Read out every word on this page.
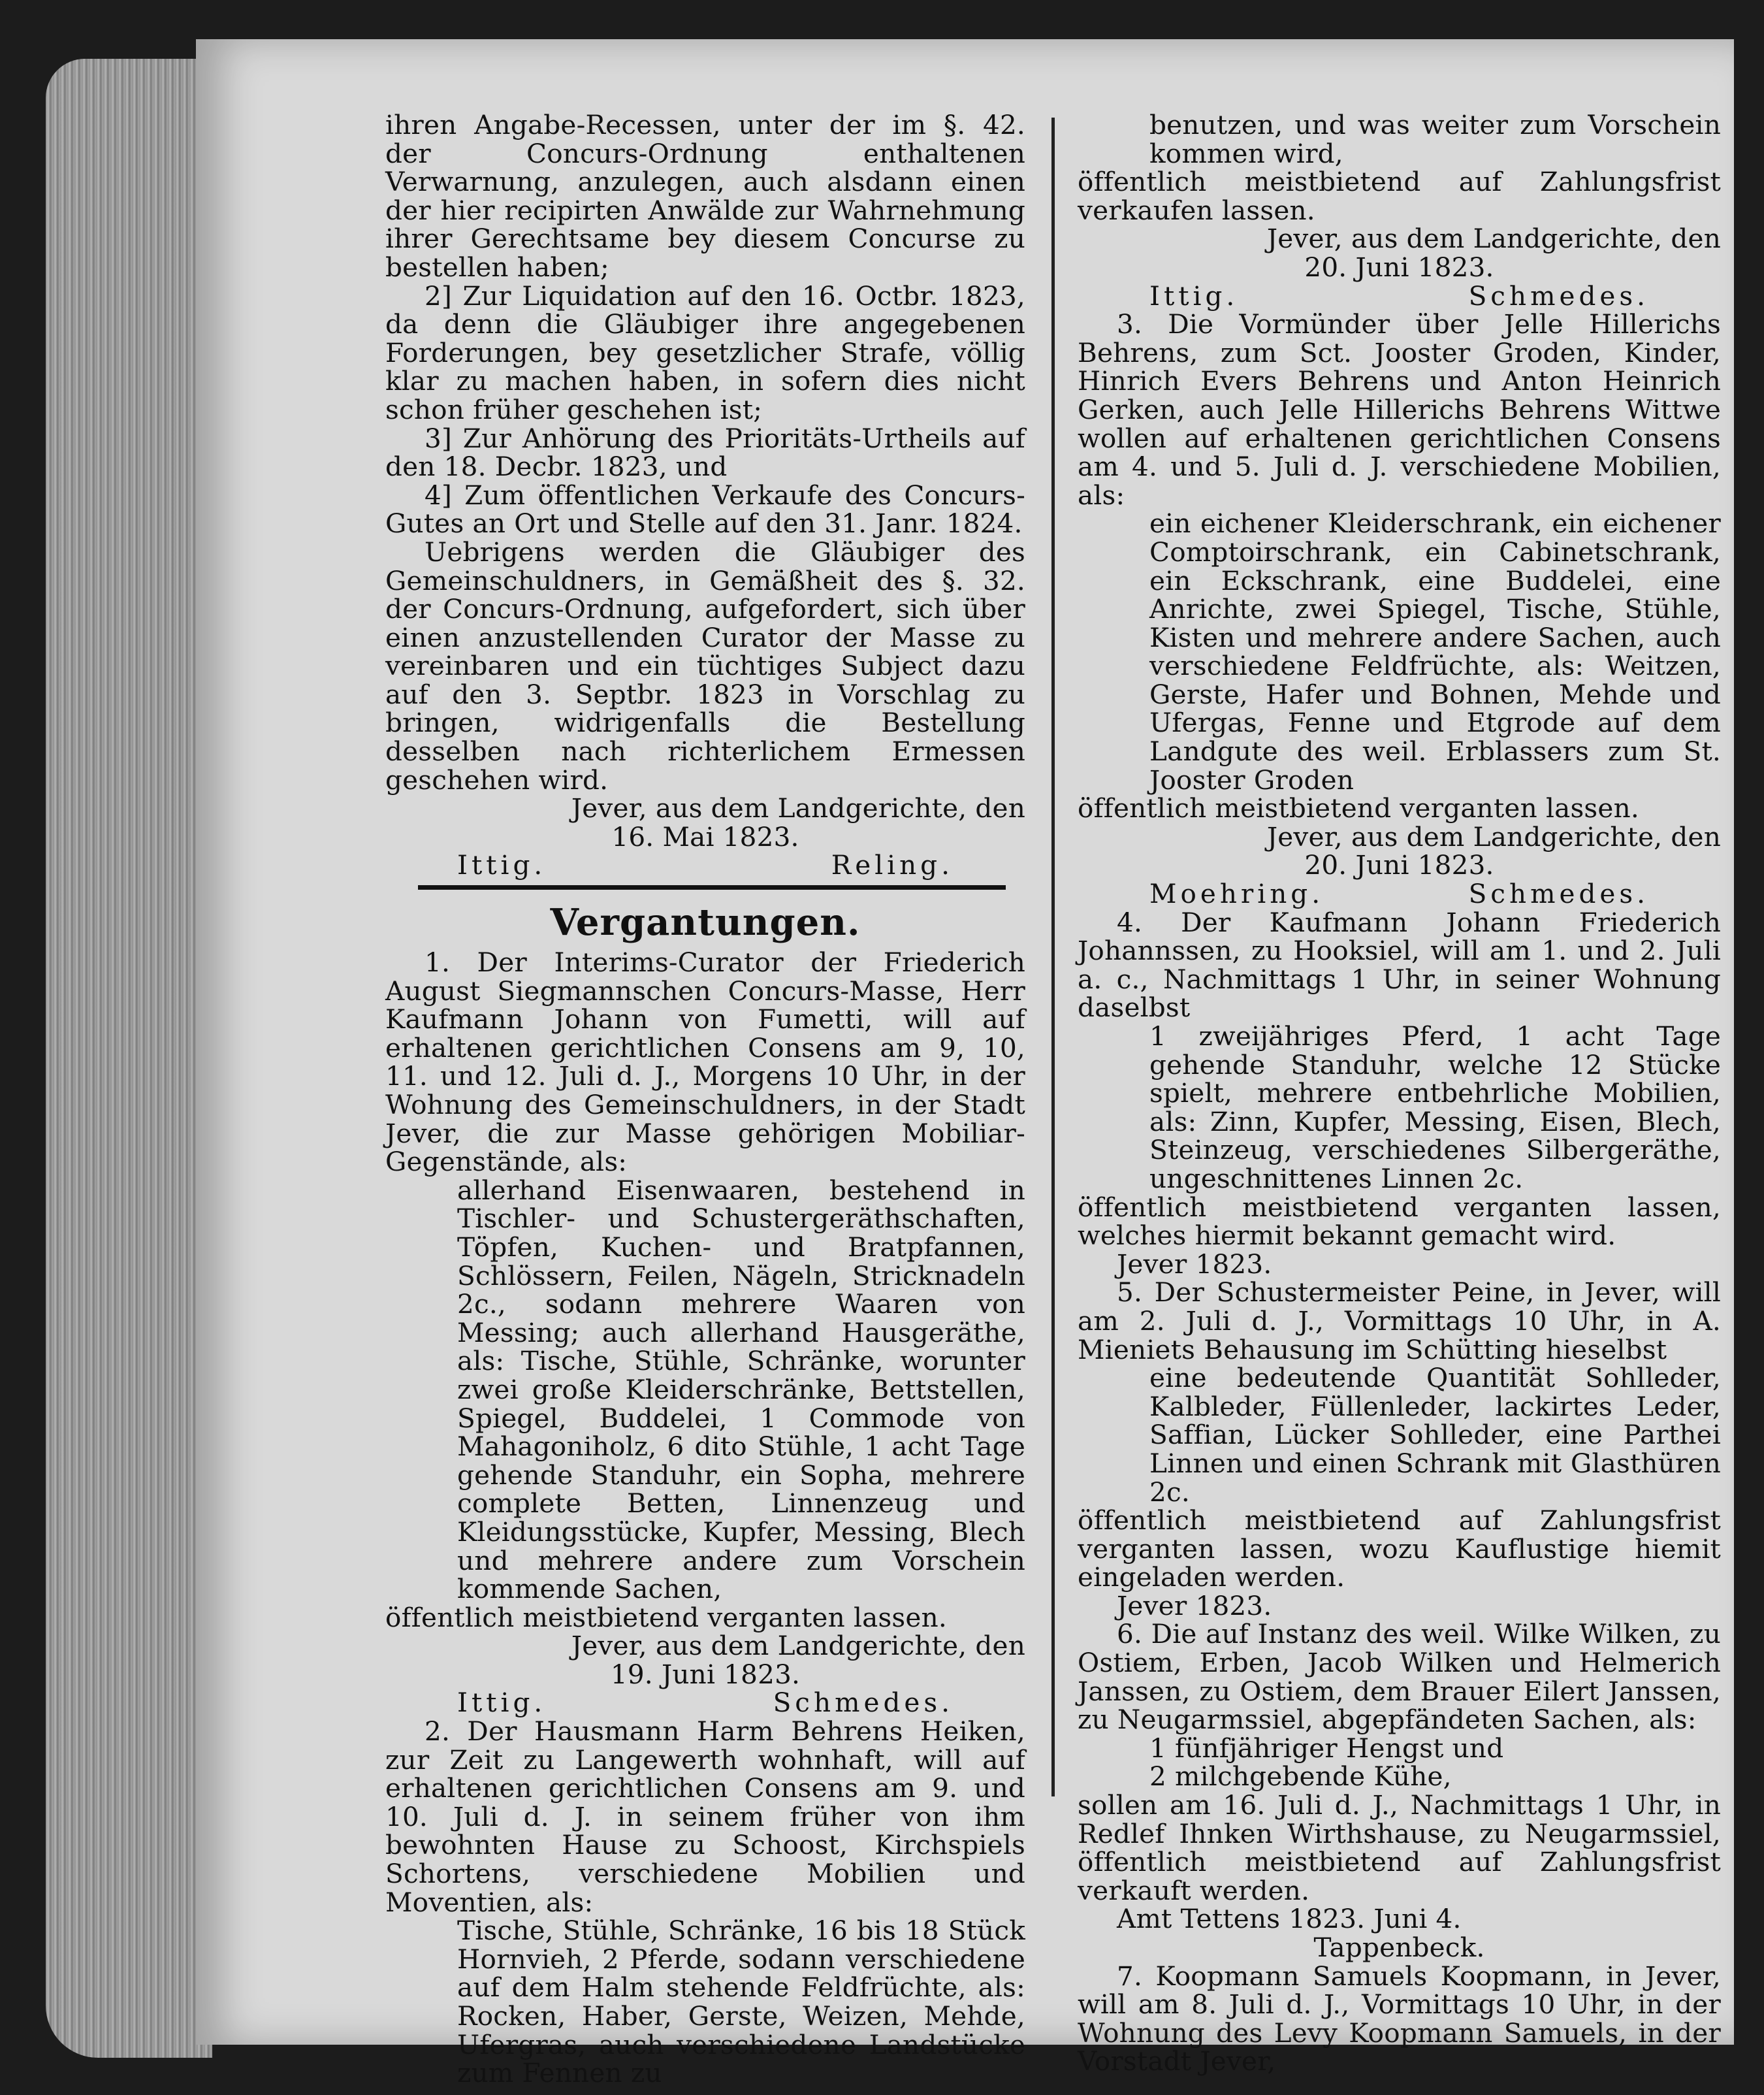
ihren Angabe-Recessen, unter der im §. 42. der Concurs-Ordnung enthaltenen Verwarnung, anzulegen, auch alsdann einen der hier recipirten Anwälde zur Wahrnehmung ihrer Gerechtsame bey diesem Concurse zu bestellen haben;

2] Zur Liquidation auf den 16. Octbr. 1823, da denn die Gläubiger ihre angegebenen Forderungen, bey gesetzlicher Strafe, völlig klar zu machen haben, in sofern dies nicht schon früher geschehen ist;

3] Zur Anhörung des Prioritäts-Urtheils auf den 18. Decbr. 1823, und

4] Zum öffentlichen Verkaufe des Concurs-Gutes an Ort und Stelle auf den 31. Janr. 1824.

Uebrigens werden die Gläubiger des Gemeinschuldners, in Gemäßheit des §. 32. der Concurs-Ordnung, aufgefordert, sich über einen anzustellenden Curator der Masse zu vereinbaren und ein tüchtiges Subject dazu auf den 3. Septbr. 1823 in Vorschlag zu bringen, widrigenfalls die Bestellung desselben nach richterlichem Ermessen geschehen wird.

Jever, aus dem Landgerichte, den

16. Mai 1823.

Ittig.	Reling.

Vergantungen.

1. Der Interims-Curator der Friederich August Siegmannschen Concurs-Masse, Herr Kaufmann Johann von Fumetti, will auf erhaltenen gerichtlichen Consens am 9, 10, 11. und 12. Juli d. J., Morgens 10 Uhr, in der Wohnung des Gemeinschuldners, in der Stadt Jever, die zur Masse gehörigen Mobiliar-Gegenstände, als:

allerhand Eisenwaaren, bestehend in Tischler- und Schustergeräthschaften, Töpfen, Kuchen- und Bratpfannen, Schlössern, Feilen, Nägeln, Stricknadeln 2c., sodann mehrere Waaren von Messing; auch allerhand Hausgeräthe, als: Tische, Stühle, Schränke, worunter zwei große Kleiderschränke, Bettstellen, Spiegel, Buddelei, 1 Commode von Mahagoniholz, 6 dito Stühle, 1 acht Tage gehende Standuhr, ein Sopha, mehrere complete Betten, Linnenzeug und Kleidungsstücke, Kupfer, Messing, Blech und mehrere andere zum Vorschein kommende Sachen,

öffentlich meistbietend verganten lassen.

Jever, aus dem Landgerichte, den

19. Juni 1823.

Ittig.	Schmedes.

2. Der Hausmann Harm Behrens Heiken, zur Zeit zu Langewerth wohnhaft, will auf erhaltenen gerichtlichen Consens am 9. und 10. Juli d. J. in seinem früher von ihm bewohnten Hause zu Schoost, Kirchspiels Schortens, verschiedene Mobilien und Moventien, als:

Tische, Stühle, Schränke, 16 bis 18 Stück Hornvieh, 2 Pferde, sodann verschiedene auf dem Halm stehende Feldfrüchte, als: Rocken, Haber, Gerste, Weizen, Mehde, Ufergras, auch verschiedene Landstücke zum Fennen zu

benutzen, und was weiter zum Vorschein kommen wird,

öffentlich meistbietend auf Zahlungsfrist verkaufen lassen.

Jever, aus dem Landgerichte, den

20. Juni 1823.

Ittig.	Schmedes.

3. Die Vormünder über Jelle Hillerichs Behrens, zum Sct. Jooster Groden, Kinder, Hinrich Evers Behrens und Anton Heinrich Gerken, auch Jelle Hillerichs Behrens Wittwe wollen auf erhaltenen gerichtlichen Consens am 4. und 5. Juli d. J. verschiedene Mobilien, als:

ein eichener Kleiderschrank, ein eichener Comptoirschrank, ein Cabinetschrank, ein Eckschrank, eine Buddelei, eine Anrichte, zwei Spiegel, Tische, Stühle, Kisten und mehrere andere Sachen, auch verschiedene Feldfrüchte, als: Weitzen, Gerste, Hafer und Bohnen, Mehde und Ufergas, Fenne und Etgrode auf dem Landgute des weil. Erblassers zum St. Jooster Groden

öffentlich meistbietend verganten lassen.

Jever, aus dem Landgerichte, den

20. Juni 1823.

Moehring.	Schmedes.

4. Der Kaufmann Johann Friederich Johannssen, zu Hooksiel, will am 1. und 2. Juli a. c., Nachmittags 1 Uhr, in seiner Wohnung daselbst

1 zweijähriges Pferd, 1 acht Tage gehende Standuhr, welche 12 Stücke spielt, mehrere entbehrliche Mobilien, als: Zinn, Kupfer, Messing, Eisen, Blech, Steinzeug, verschiedenes Silbergeräthe, ungeschnittenes Linnen 2c.

öffentlich meistbietend verganten lassen, welches hiermit bekannt gemacht wird.

Jever 1823.

5. Der Schustermeister Peine, in Jever, will am 2. Juli d. J., Vormittags 10 Uhr, in A. Mieniets Behausung im Schütting hieselbst

eine bedeutende Quantität Sohlleder, Kalbleder, Füllenleder, lackirtes Leder, Saffian, Lücker Sohlleder, eine Parthei Linnen und einen Schrank mit Glasthüren 2c.

öffentlich meistbietend auf Zahlungsfrist verganten lassen, wozu Kauflustige hiemit eingeladen werden.

Jever 1823.

6. Die auf Instanz des weil. Wilke Wilken, zu Ostiem, Erben, Jacob Wilken und Helmerich Janssen, zu Ostiem, dem Brauer Eilert Janssen, zu Neugarmssiel, abgepfändeten Sachen, als:

1 fünfjähriger Hengst und

2 milchgebende Kühe,

sollen am 16. Juli d. J., Nachmittags 1 Uhr, in Redlef Ihnken Wirthshause, zu Neugarmssiel, öffentlich meistbietend auf Zahlungsfrist verkauft werden.

Amt Tettens 1823. Juni 4.

Tappenbeck.

7. Koopmann Samuels Koopmann, in Jever, will am 8. Juli d. J., Vormittags 10 Uhr, in der Wohnung des Levy Koopmann Samuels, in der Vorstadt Jever,
